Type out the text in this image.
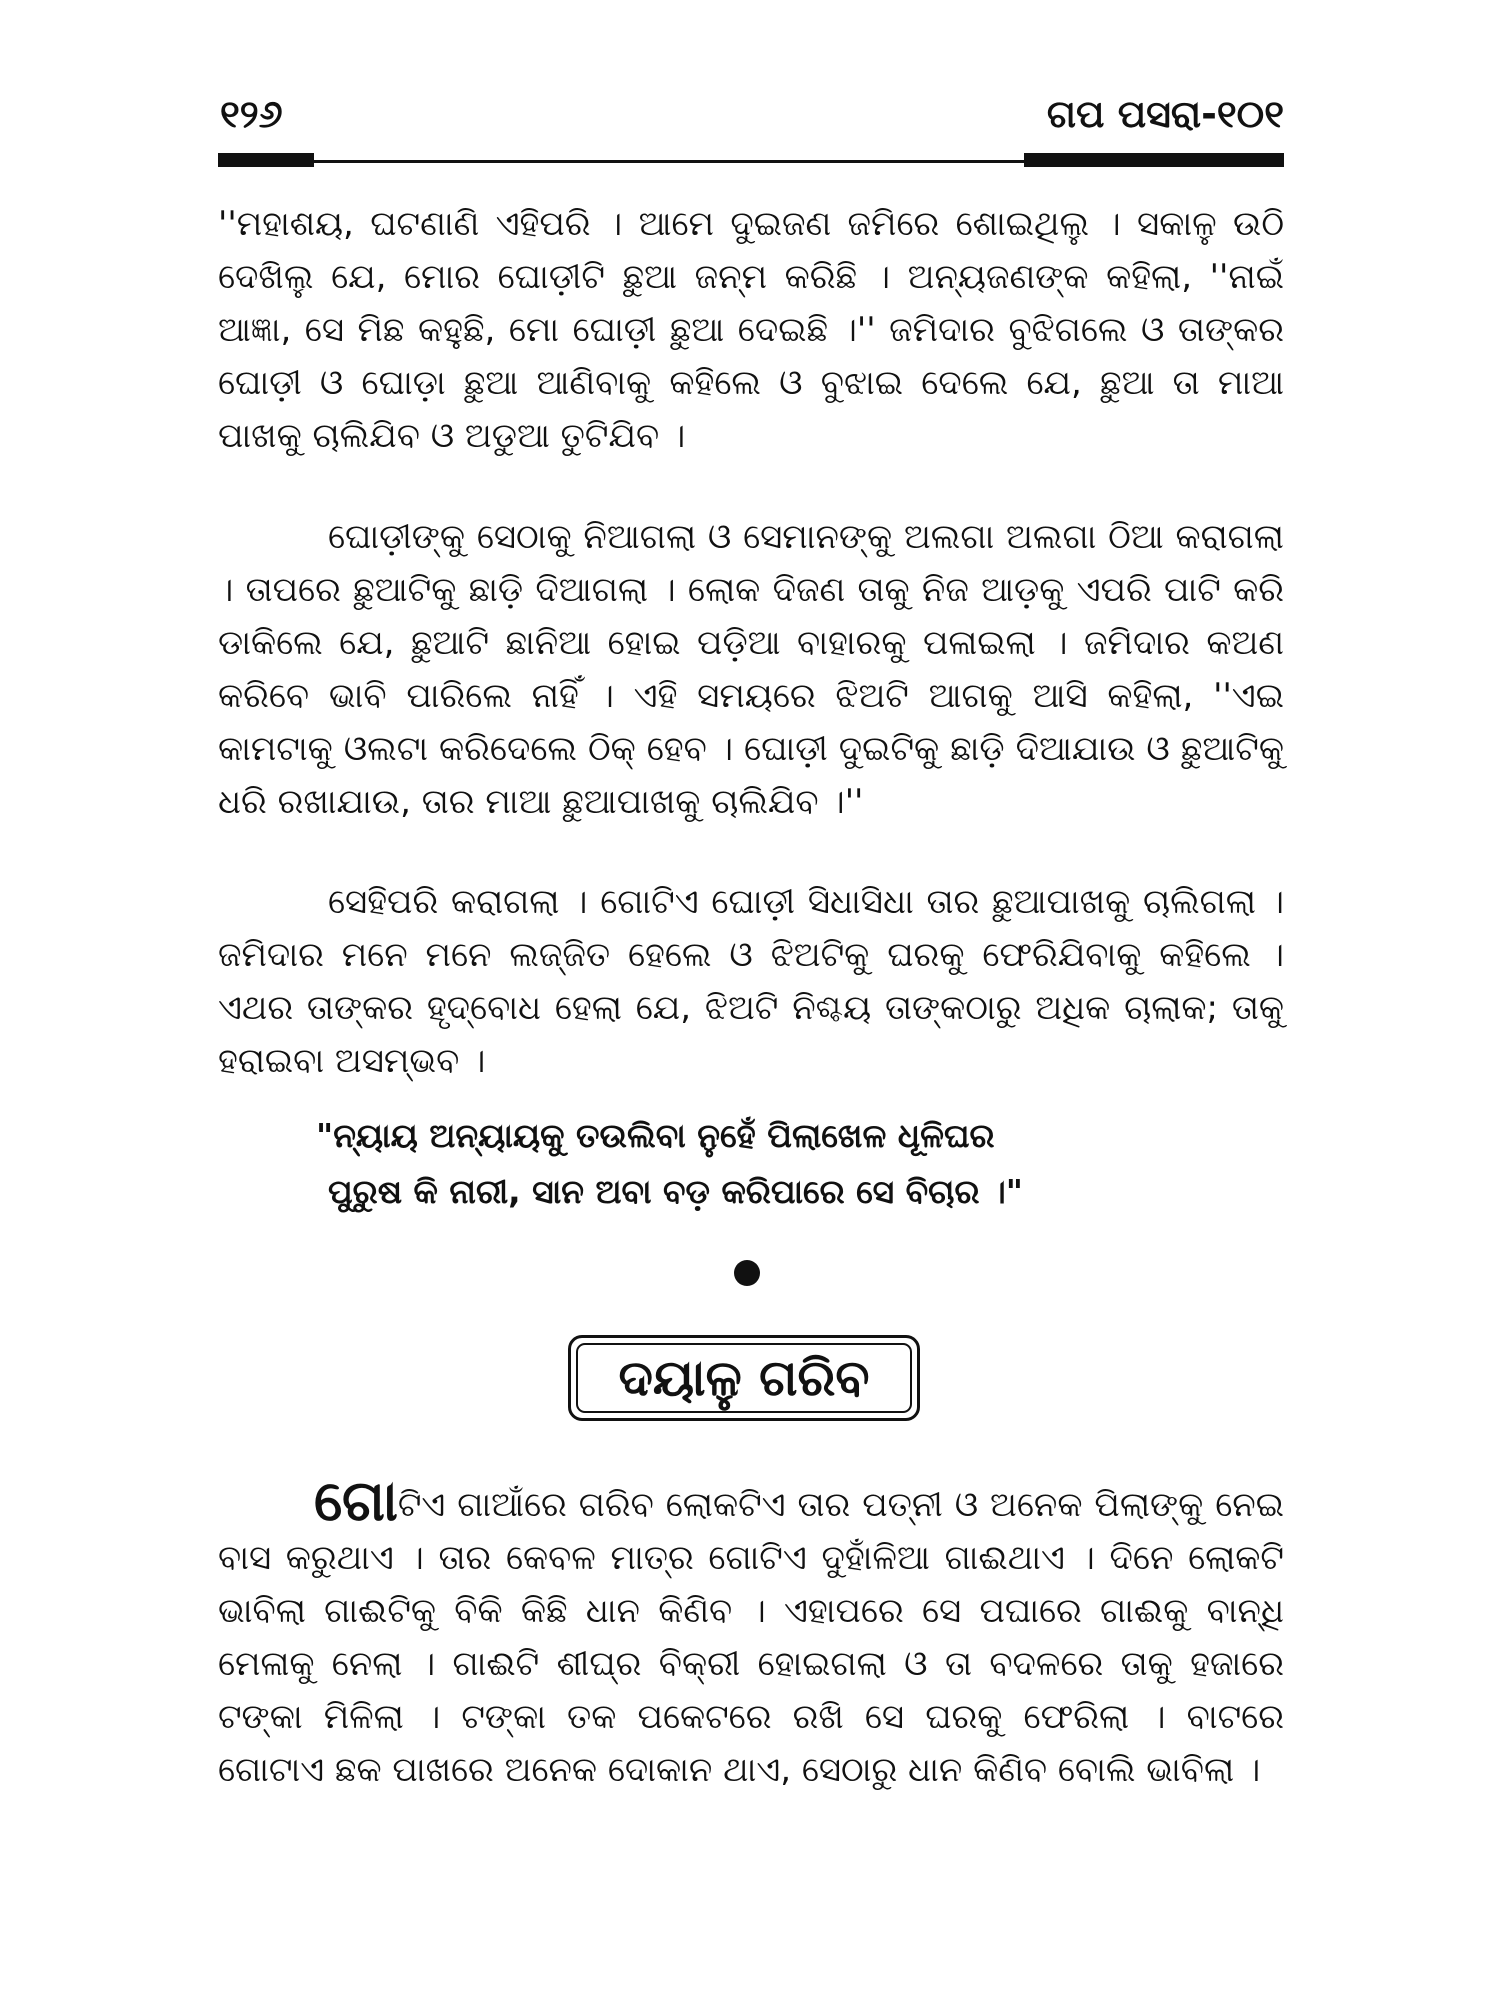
୧୨୬	ଗପ ପସରା-୧୦୧

''ମହାଶୟ, ଘଟଣାଣି ଏହିପରି । ଆମେ ଦୁଇଜଣ ଜମିରେ ଶୋଇଥିଲୁ । ସକାଳୁ ଉଠି ଦେଖିଲୁ ଯେ, ମୋର ଘୋଡ଼ୀଟି ଛୁଆ ଜନ୍ମ କରିଛି । ଅନ୍ୟଜଣଙ୍କ କହିଲା, ''ନାଇଁ ଆଜ୍ଞା, ସେ ମିଛ କହୁଛି, ମୋ ଘୋଡ଼ୀ ଛୁଆ ଦେଇଛି ।'' ଜମିଦାର ବୁଝିଗଲେ ଓ ତାଙ୍କର ଘୋଡ଼ୀ ଓ ଘୋଡ଼ା ଛୁଆ ଆଣିବାକୁ କହିଲେ ଓ ବୁଝାଇ ଦେଲେ ଯେ, ଛୁଆ ତା ମାଆ ପାଖକୁ ଚାଲିଯିବ ଓ ଅଡୁଆ ତୁଟିଯିବ ।

ଘୋଡ଼ୀଙ୍କୁ ସେଠାକୁ ନିଆଗଲା ଓ ସେମାନଙ୍କୁ ଅଲଗା ଅଲଗା ଠିଆ କରାଗଲା । ତାପରେ ଛୁଆଟିକୁ ଛାଡ଼ି ଦିଆଗଲା । ଲୋକ ଦିଜଣ ତାକୁ ନିଜ ଆଡ଼କୁ ଏପରି ପାଟି କରି ଡାକିଲେ ଯେ, ଛୁଆଟି ଛାନିଆ ହୋଇ ପଡ଼ିଆ ବାହାରକୁ ପଳାଇଲା । ଜମିଦାର କଅଣ କରିବେ ଭାବି ପାରିଲେ ନାହିଁ । ଏହି ସମୟରେ ଝିଅଟି ଆଗକୁ ଆସି କହିଲା, ''ଏଇ କାମଟାକୁ ଓଲଟା କରିଦେଲେ ଠିକ୍ ହେବ । ଘୋଡ଼ୀ ଦୁଇଟିକୁ ଛାଡ଼ି ଦିଆଯାଉ ଓ ଛୁଆଟିକୁ ଧରି ରଖାଯାଉ, ତାର ମାଆ ଛୁଆପାଖକୁ ଚାଲିଯିବ ।''

ସେହିପରି କରାଗଲା । ଗୋଟିଏ ଘୋଡ଼ୀ ସିଧାସିଧା ତାର ଛୁଆପାଖକୁ ଚାଲିଗଲା । ଜମିଦାର ମନେ ମନେ ଲଜ୍ଜିତ ହେଲେ ଓ ଝିଅଟିକୁ ଘରକୁ ଫେରିଯିବାକୁ କହିଲେ । ଏଥର ତାଙ୍କର ହୃଦ୍‌ବୋଧ ହେଲା ଯେ, ଝିଅଟି ନିଶ୍ଚୟ ତାଙ୍କଠାରୁ ଅଧିକ ଚାଲାକ; ତାକୁ ହରାଇବା ଅସମ୍ଭବ ।

"ନ୍ୟାୟ ଅନ୍ୟାୟକୁ ତଉଲିବା ନୁହେଁ ପିଲାଖେଳ ଧୂଳିଘର
ପୁରୁଷ କି ନାରୀ, ସାନ ଅବା ବଡ଼ କରିପାରେ ସେ ବିଚାର ।"
ଦୟାଳୁ ଗରିବ

ଗୋଟିଏ ଗାଆଁରେ ଗରିବ ଲୋକଟିଏ ତାର ପତ୍ନୀ ଓ ଅନେକ ପିଲାଙ୍କୁ ନେଇ ବାସ କରୁଥାଏ । ତାର କେବଳ ମାତ୍ର ଗୋଟିଏ ଦୁହାଁଳିଆ ଗାଈଥାଏ । ଦିନେ ଲୋକଟି ଭାବିଲା ଗାଈଟିକୁ ବିକି କିଛି ଧାନ କିଣିବ । ଏହାପରେ ସେ ପଘାରେ ଗାଈକୁ ବାନ୍ଧି ମେଳାକୁ ନେଲା । ଗାଈଟି ଶୀଘ୍ର ବିକ୍ରୀ ହୋଇଗଲା ଓ ତା ବଦଳରେ ତାକୁ ହଜାରେ ଟଙ୍କା ମିଳିଲା । ଟଙ୍କା ତକ ପକେଟରେ ରଖି ସେ ଘରକୁ ଫେରିଲା । ବାଟରେ ଗୋଟାଏ ଛକ ପାଖରେ ଅନେକ ଦୋକାନ ଥାଏ, ସେଠାରୁ ଧାନ କିଣିବ ବୋଲି ଭାବିଲା ।
